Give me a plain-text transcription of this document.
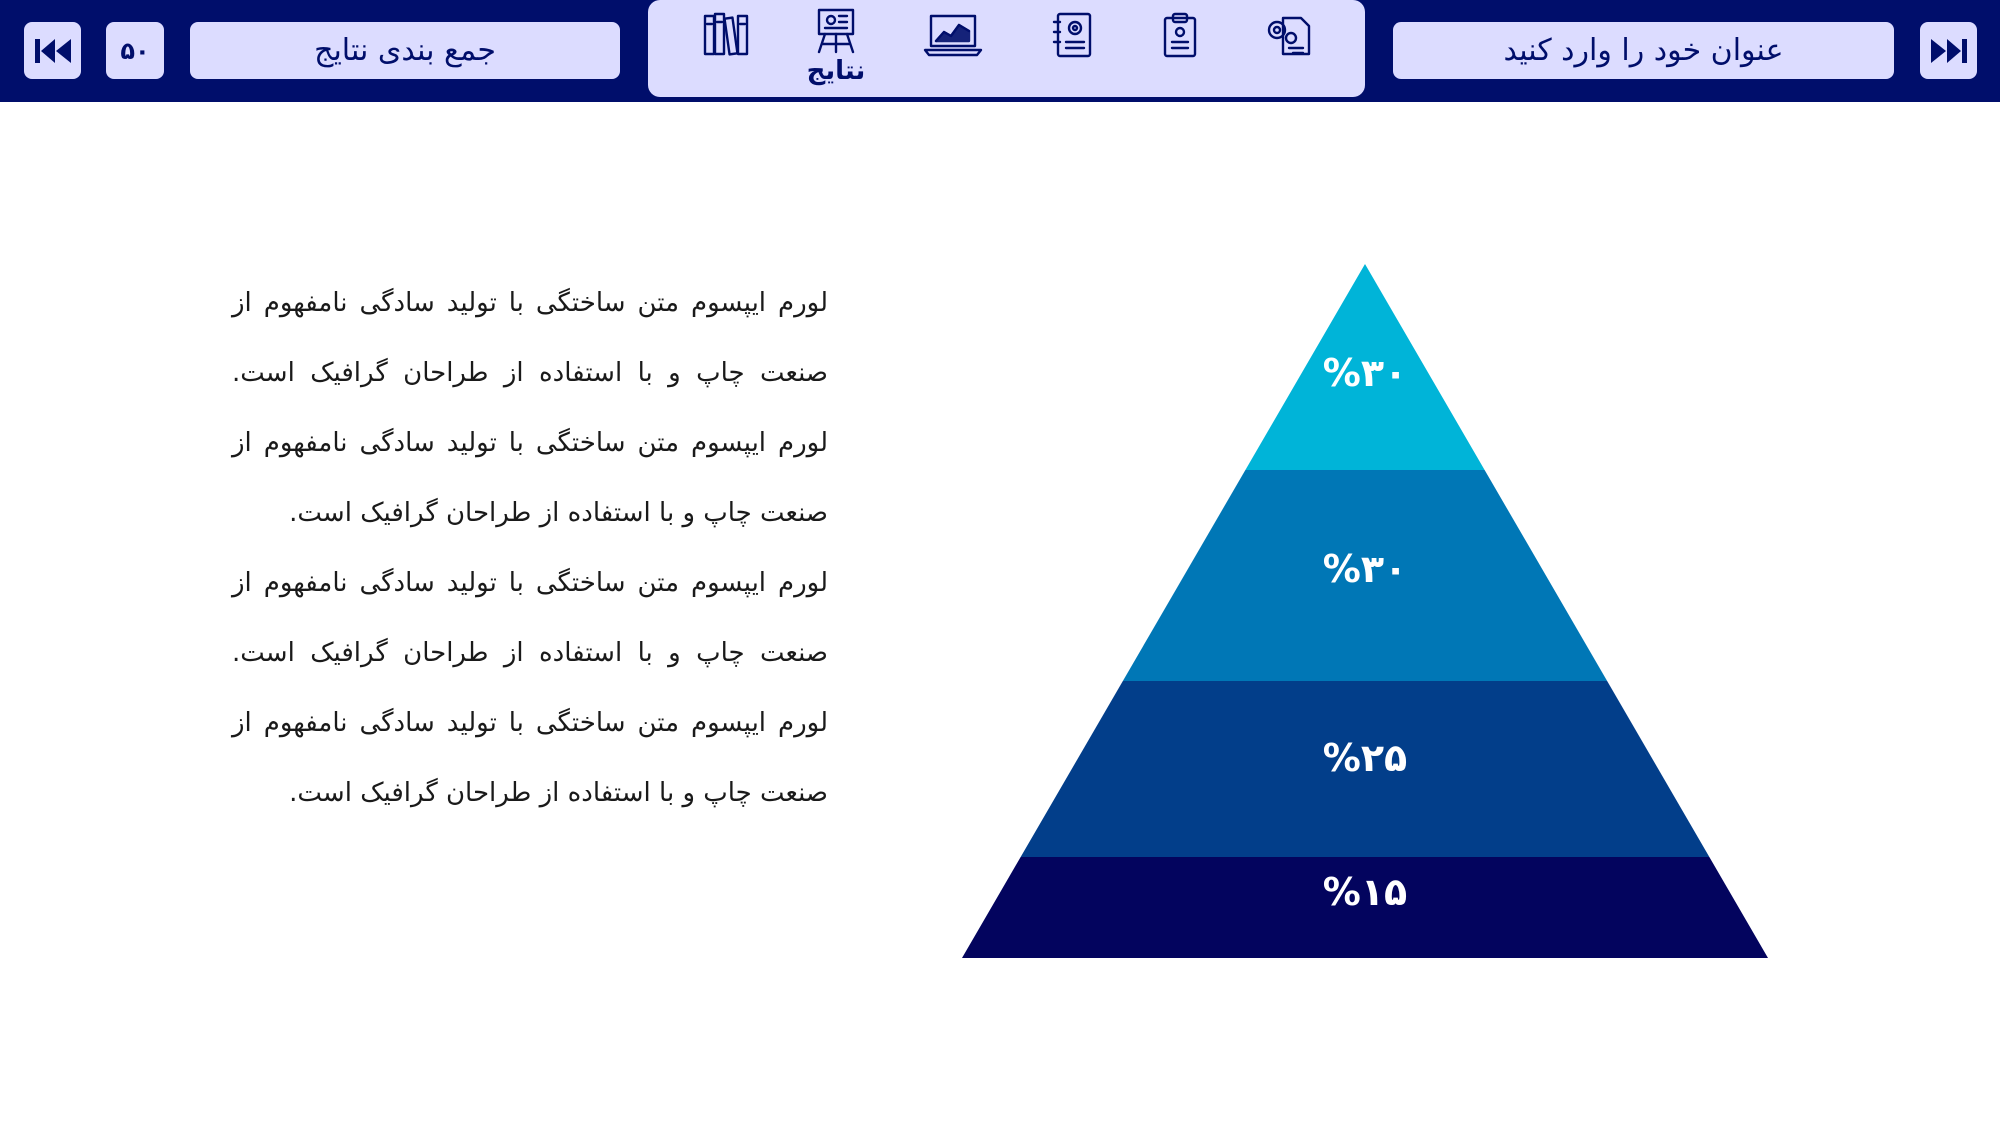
۵۰	جمع بندی نتایج
نتایج
عنوان خود را وارد کنید

لورم ایپسوم متن ساختگی با تولید سادگی نامفهوم از صنعت چاپ و با استفاده از طراحان گرافیک است. لورم ایپسوم متن ساختگی با تولید سادگی نامفهوم از صنعت چاپ و با استفاده از طراحان گرافیک است.

لورم ایپسوم متن ساختگی با تولید سادگی نامفهوم از صنعت چاپ و با استفاده از طراحان گرافیک است. لورم ایپسوم متن ساختگی با تولید سادگی نامفهوم از صنعت چاپ و با استفاده از طراحان گرافیک است.

%۳۰
%۳۰
%۲۵
%۱۵
